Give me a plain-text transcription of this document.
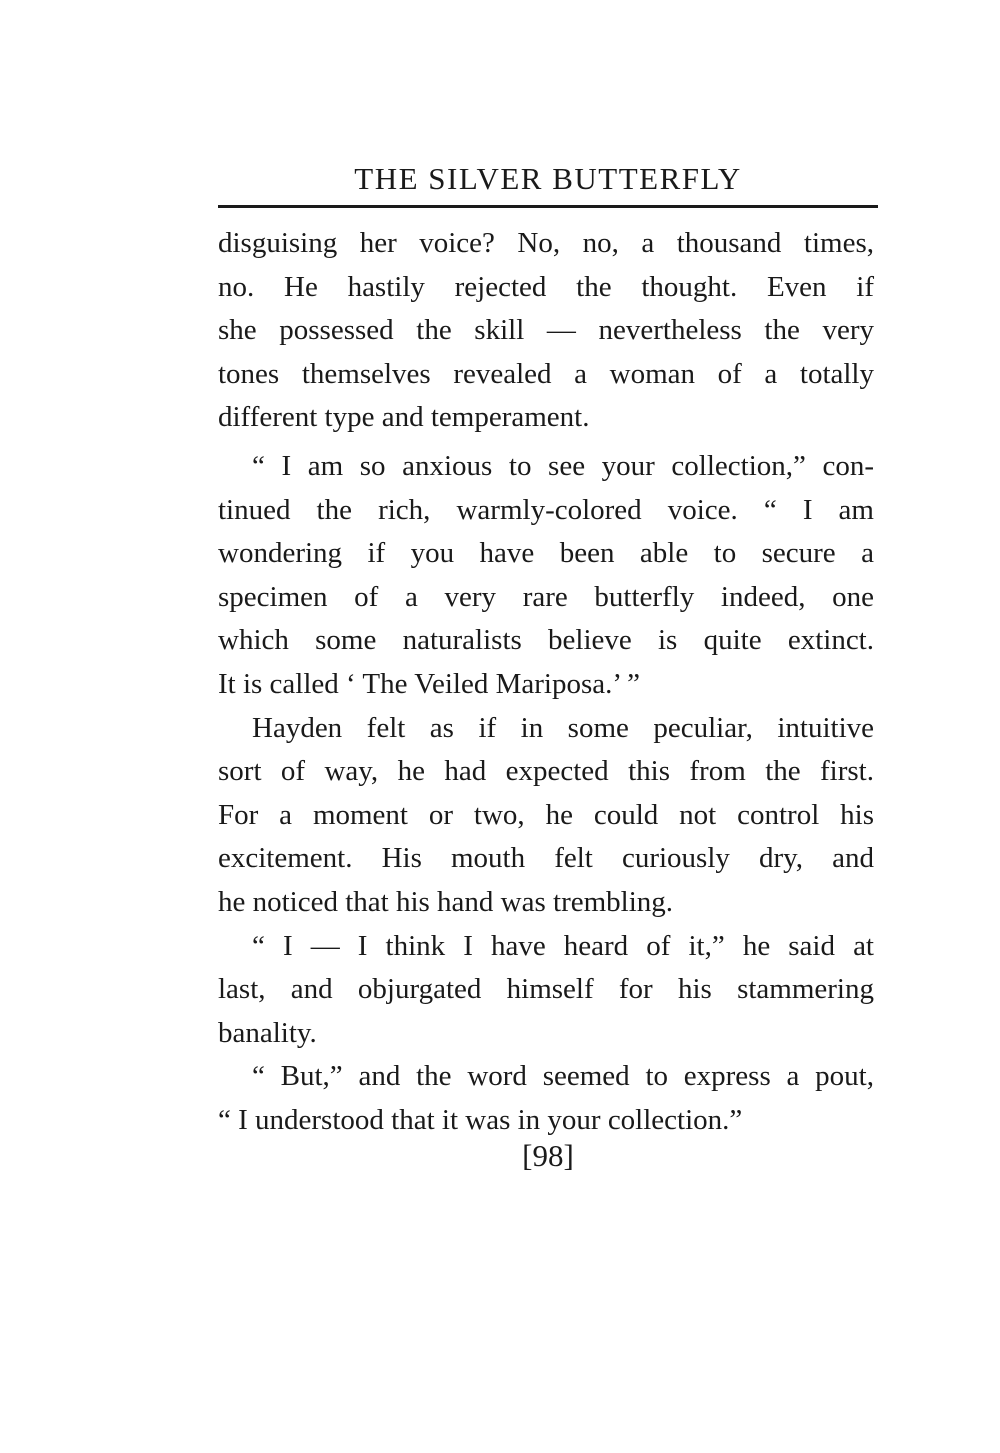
THE SILVER BUTTERFLY
disguising her voice? No, no, a thousand times,
no. He hastily rejected the thought. Even if
she possessed the skill — nevertheless the very
tones themselves revealed a woman of a totally
different type and temperament.
“ I am so anxious to see your collection,” con-
tinued the rich, warmly-colored voice. “ I am
wondering if you have been able to secure a
specimen of a very rare butterfly indeed, one
which some naturalists believe is quite extinct.
It is called ‘ The Veiled Mariposa.’ ”
Hayden felt as if in some peculiar, intuitive
sort of way, he had expected this from the first.
For a moment or two, he could not control his
excitement. His mouth felt curiously dry, and
he noticed that his hand was trembling.
“ I — I think I have heard of it,” he said at
last, and objurgated himself for his stammering
banality.
“ But,” and the word seemed to express a pout,
“ I understood that it was in your collection.”
[98]
